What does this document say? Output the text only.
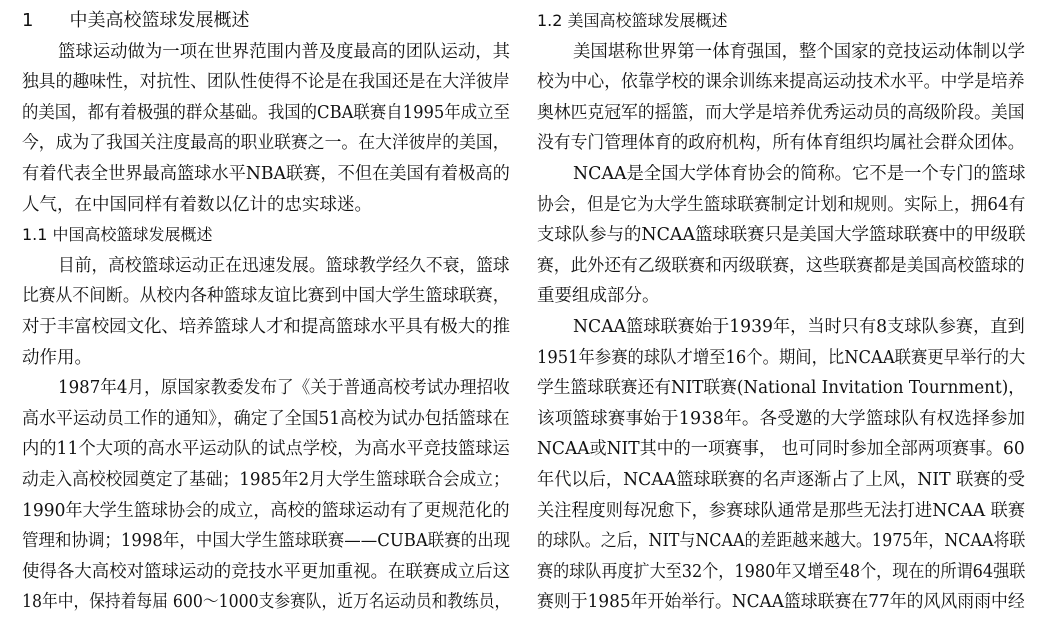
1　　中美高校篮球发展概述
篮球运动做为一项在世界范围内普及度最高的团队运动，其
独具的趣味性，对抗性、团队性使得不论是在我国还是在大洋彼岸
的美国，都有着极强的群众基础。我国的CBA联赛自1995年成立至
今，成为了我国关注度最高的职业联赛之一。在大洋彼岸的美国，
有着代表全世界最高篮球水平NBA联赛，不但在美国有着极高的
人气，在中国同样有着数以亿计的忠实球迷。
1.1 中国高校篮球发展概述
目前，高校篮球运动正在迅速发展。篮球教学经久不衰，篮球
比赛从不间断。从校内各种篮球友谊比赛到中国大学生篮球联赛，
对于丰富校园文化、培养篮球人才和提高篮球水平具有极大的推
动作用。
1987年4月，原国家教委发布了《关于普通高校考试办理招收
高水平运动员工作的通知》，确定了全国51高校为试办包括篮球在
内的11个大项的高水平运动队的试点学校，为高水平竞技篮球运
动走入高校校园奠定了基础；1985年2月大学生篮球联合会成立；
1990年大学生篮球协会的成立，高校的篮球运动有了更规范化的
管理和协调；1998年，中国大学生篮球联赛——CUBA联赛的出现
使得各大高校对篮球运动的竞技水平更加重视。在联赛成立后这
18年中，保持着每届 600～1000支参赛队，近万名运动员和教练员，
1.2 美国高校篮球发展概述
美国堪称世界第一体育强国，整个国家的竞技运动体制以学
校为中心，依靠学校的课余训练来提高运动技术水平。中学是培养
奥林匹克冠军的摇篮，而大学是培养优秀运动员的高级阶段。美国
没有专门管理体育的政府机构，所有体育组织均属社会群众团体。
NCAA是全国大学体育协会的简称。它不是一个专门的篮球
协会，但是它为大学生篮球联赛制定计划和规则。实际上，拥64有
支球队参与的NCAA篮球联赛只是美国大学篮球联赛中的甲级联
赛，此外还有乙级联赛和丙级联赛，这些联赛都是美国高校篮球的
重要组成部分。
NCAA篮球联赛始于1939年，当时只有8支球队参赛，直到
1951年参赛的球队才增至16个。期间，比NCAA联赛更早举行的大
学生篮球联赛还有NIT联赛(National Invitation Tournment)，
该项篮球赛事始于1938年。各受邀的大学篮球队有权选择参加
NCAA或NIT其中的一项赛事， 也可同时参加全部两项赛事。60
年代以后，NCAA篮球联赛的名声逐渐占了上风，NIT 联赛的受
关注程度则每况愈下，参赛球队通常是那些无法打进NCAA 联赛
的球队。之后，NIT与NCAA的差距越来越大。1975年，NCAA将联
赛的球队再度扩大至32个，1980年又增至48个，现在的所谓64强联
赛则于1985年开始举行。NCAA篮球联赛在77年的风风雨雨中经
